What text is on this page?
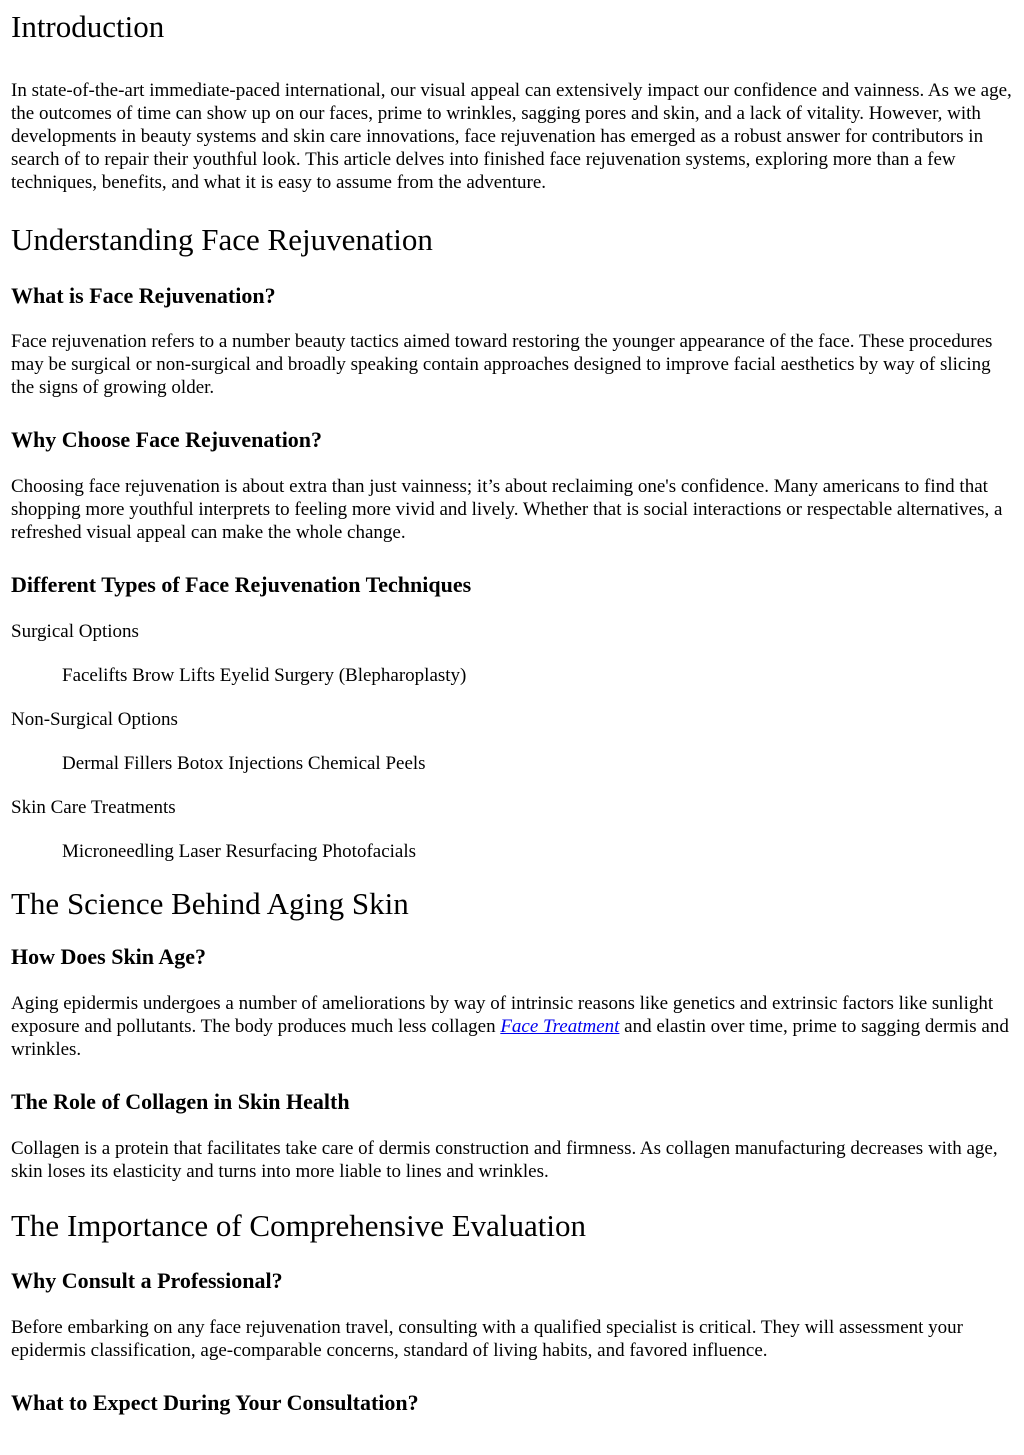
Introduction

In state-of-the-art immediate-paced international, our visual appeal can extensively impact our confidence and vainness. As we age, the outcomes of time can show up on our faces, prime to wrinkles, sagging pores and skin, and a lack of vitality. However, with developments in beauty systems and skin care innovations, face rejuvenation has emerged as a robust answer for contributors in search of to repair their youthful look. This article delves into finished face rejuvenation systems, exploring more than a few techniques, benefits, and what it is easy to assume from the adventure.

Understanding Face Rejuvenation
What is Face Rejuvenation?

Face rejuvenation refers to a number beauty tactics aimed toward restoring the younger appearance of the face. These procedures may be surgical or non-surgical and broadly speaking contain approaches designed to improve facial aesthetics by way of slicing the signs of growing older.

Why Choose Face Rejuvenation?

Choosing face rejuvenation is about extra than just vainness; it’s about reclaiming one's confidence. Many americans to find that shopping more youthful interprets to feeling more vivid and lively. Whether that is social interactions or respectable alternatives, a refreshed visual appeal can make the whole change.

Different Types of Face Rejuvenation Techniques

Surgical Options

Facelifts Brow Lifts Eyelid Surgery (Blepharoplasty)

Non-Surgical Options

Dermal Fillers Botox Injections Chemical Peels

Skin Care Treatments

Microneedling Laser Resurfacing Photofacials

The Science Behind Aging Skin
How Does Skin Age?

Aging epidermis undergoes a number of ameliorations by way of intrinsic reasons like genetics and extrinsic factors like sunlight exposure and pollutants. The body produces much less collagen Face Treatment and elastin over time, prime to sagging dermis and wrinkles.

The Role of Collagen in Skin Health

Collagen is a protein that facilitates take care of dermis construction and firmness. As collagen manufacturing decreases with age, skin loses its elasticity and turns into more liable to lines and wrinkles.

The Importance of Comprehensive Evaluation
Why Consult a Professional?

Before embarking on any face rejuvenation travel, consulting with a qualified specialist is critical. They will assessment your epidermis classification, age-comparable concerns, standard of living habits, and favored influence.

What to Expect During Your Consultation?
